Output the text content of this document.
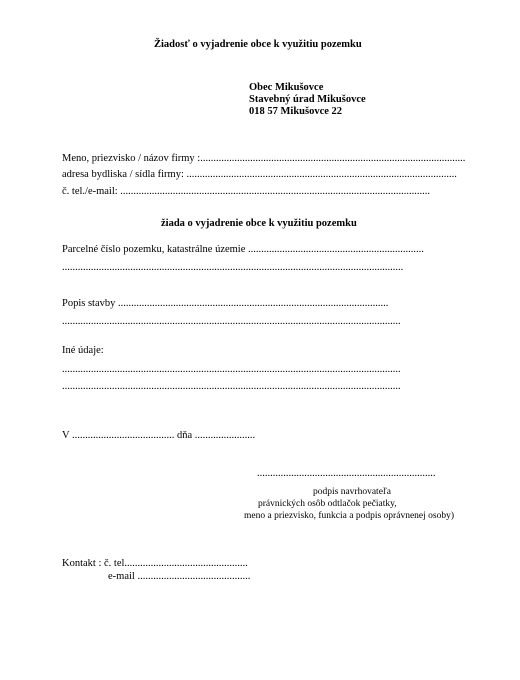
Žiadosť o vyjadrenie obce k využitiu pozemku
Obec Mikušovce
Stavebný úrad Mikušovce
018 57 Mikušovce 22
Meno, priezvisko / názov firmy :.....................................................................................................
adresa bydliska / sídla firmy: .......................................................................................................
č. tel./e-mail: ......................................................................................................................
žiada o vyjadrenie obce k využitiu pozemku
Parcelné číslo pozemku, katastrálne územie ...................................................................
..................................................................................................................................
Popis stavby .......................................................................................................
.................................................................................................................................
Iné údaje:
.................................................................................................................................
.................................................................................................................................
V ....................................... dňa .......................
....................................................................
podpis navrhovateľa
právnických osôb odtlačok pečiatky,
meno a priezvisko, funkcia a podpis oprávnenej osoby)
Kontakt : č. tel...............................................
e-mail ...........................................
